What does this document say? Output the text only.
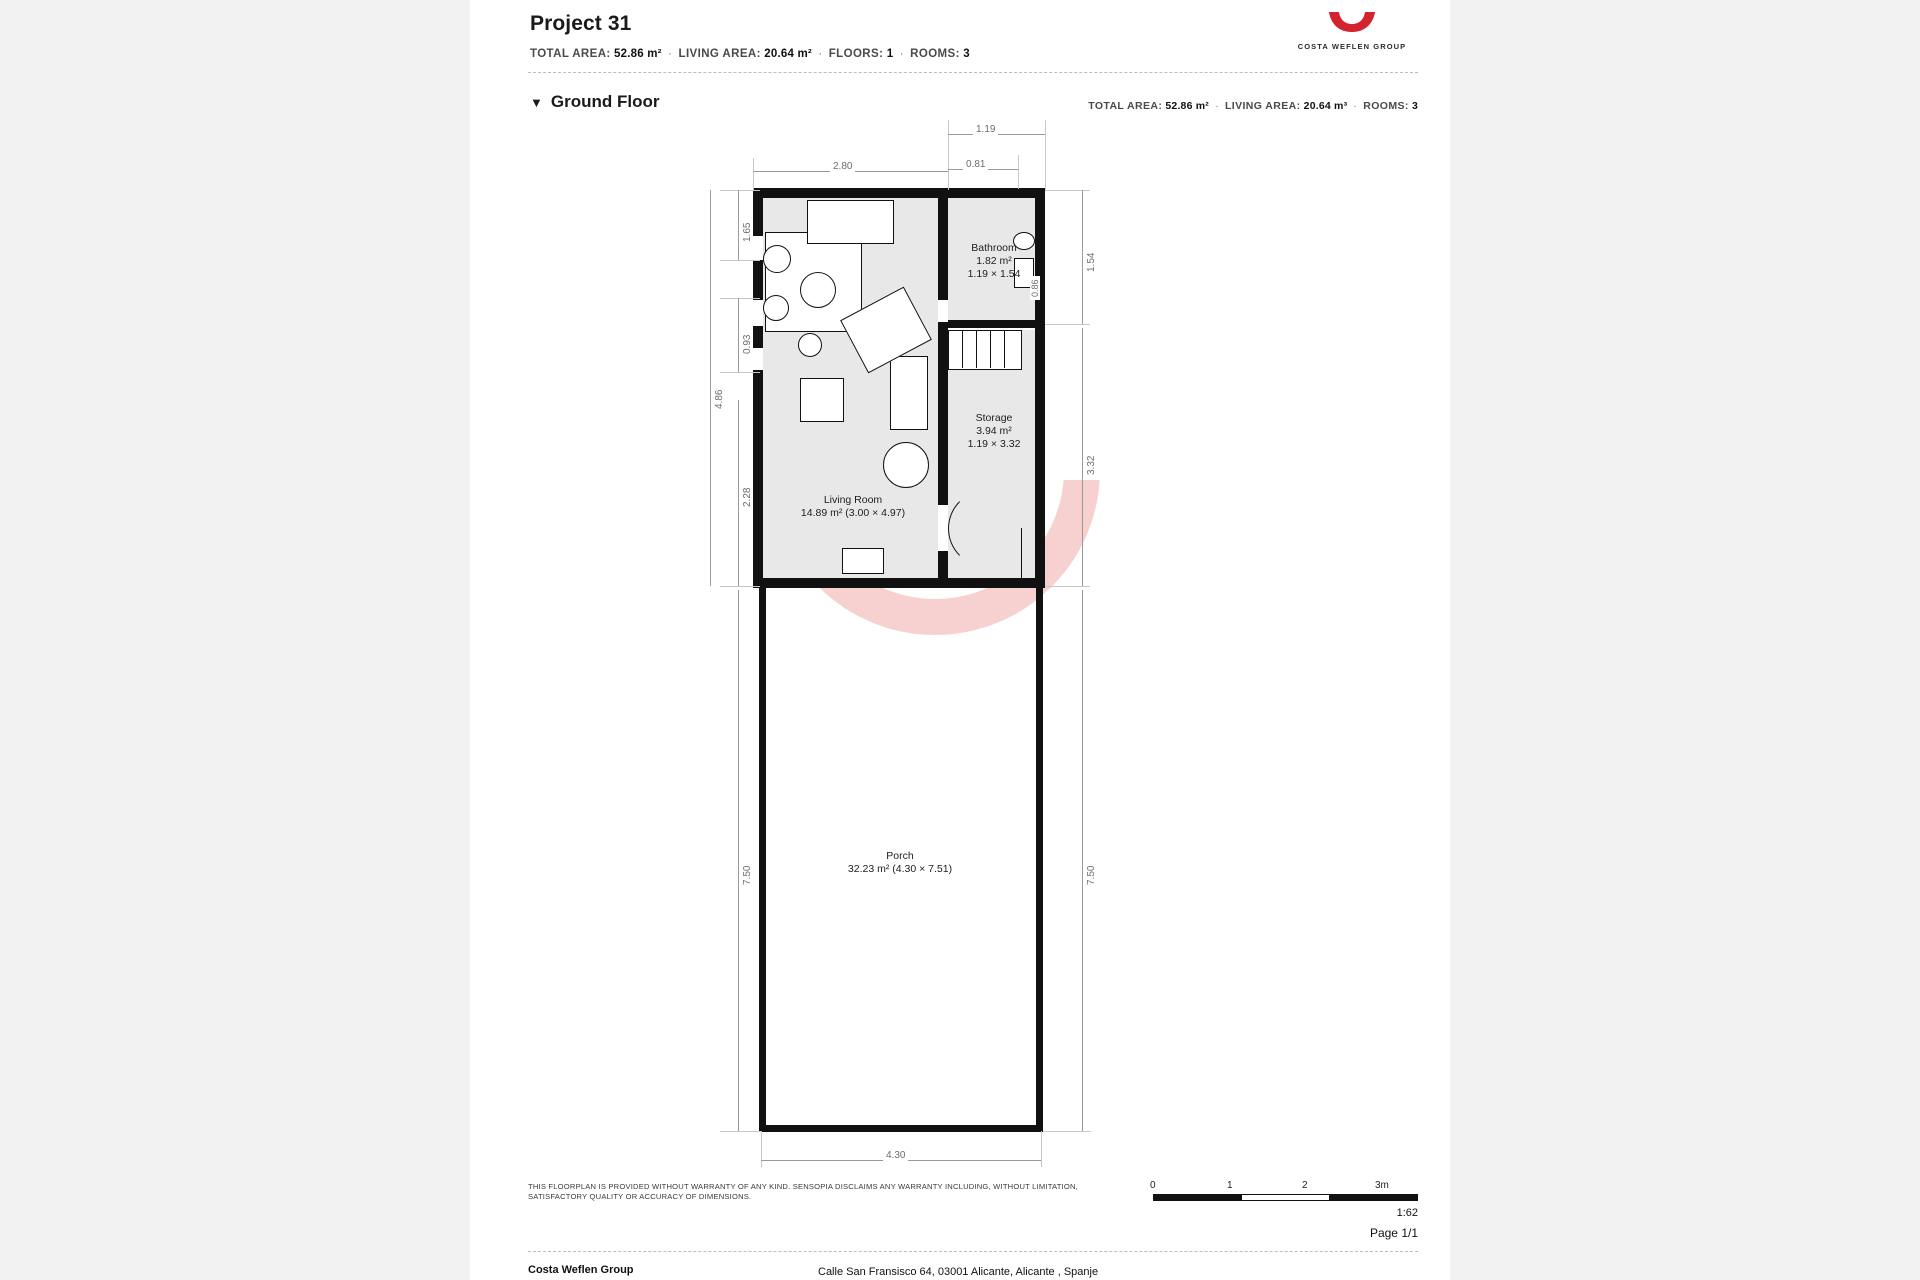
Project 31
TOTAL AREA: 52.86 m² · LIVING AREA: 20.64 m² · FLOORS: 1 · ROOMS: 3
COSTA WEFLEN GROUP
▼ Ground Floor	TOTAL AREA: 52.86 m² · LIVING AREA: 20.64 m³ · ROOMS: 3
1.19
0.81
2.80
1.54
3.32
7.50
0.86
1.65
0.93
2.28
4.86
7.50
4.30
Bathroom
1.82 m²
1.19 × 1.54
Storage
3.94 m²
1.19 × 3.32
Living Room
14.89 m² (3.00 × 4.97)
Porch
32.23 m² (4.30 × 7.51)
THIS FLOORPLAN IS PROVIDED WITHOUT WARRANTY OF ANY KIND. SENSOPIA DISCLAIMS ANY WARRANTY INCLUDING, WITHOUT LIMITATION, SATISFACTORY QUALITY OR ACCURACY OF DIMENSIONS.
0	1	2	3m
1:62
Page 1/1
Costa Weflen Group	Calle San Fransisco 64, 03001 Alicante, Alicante , Spanje
